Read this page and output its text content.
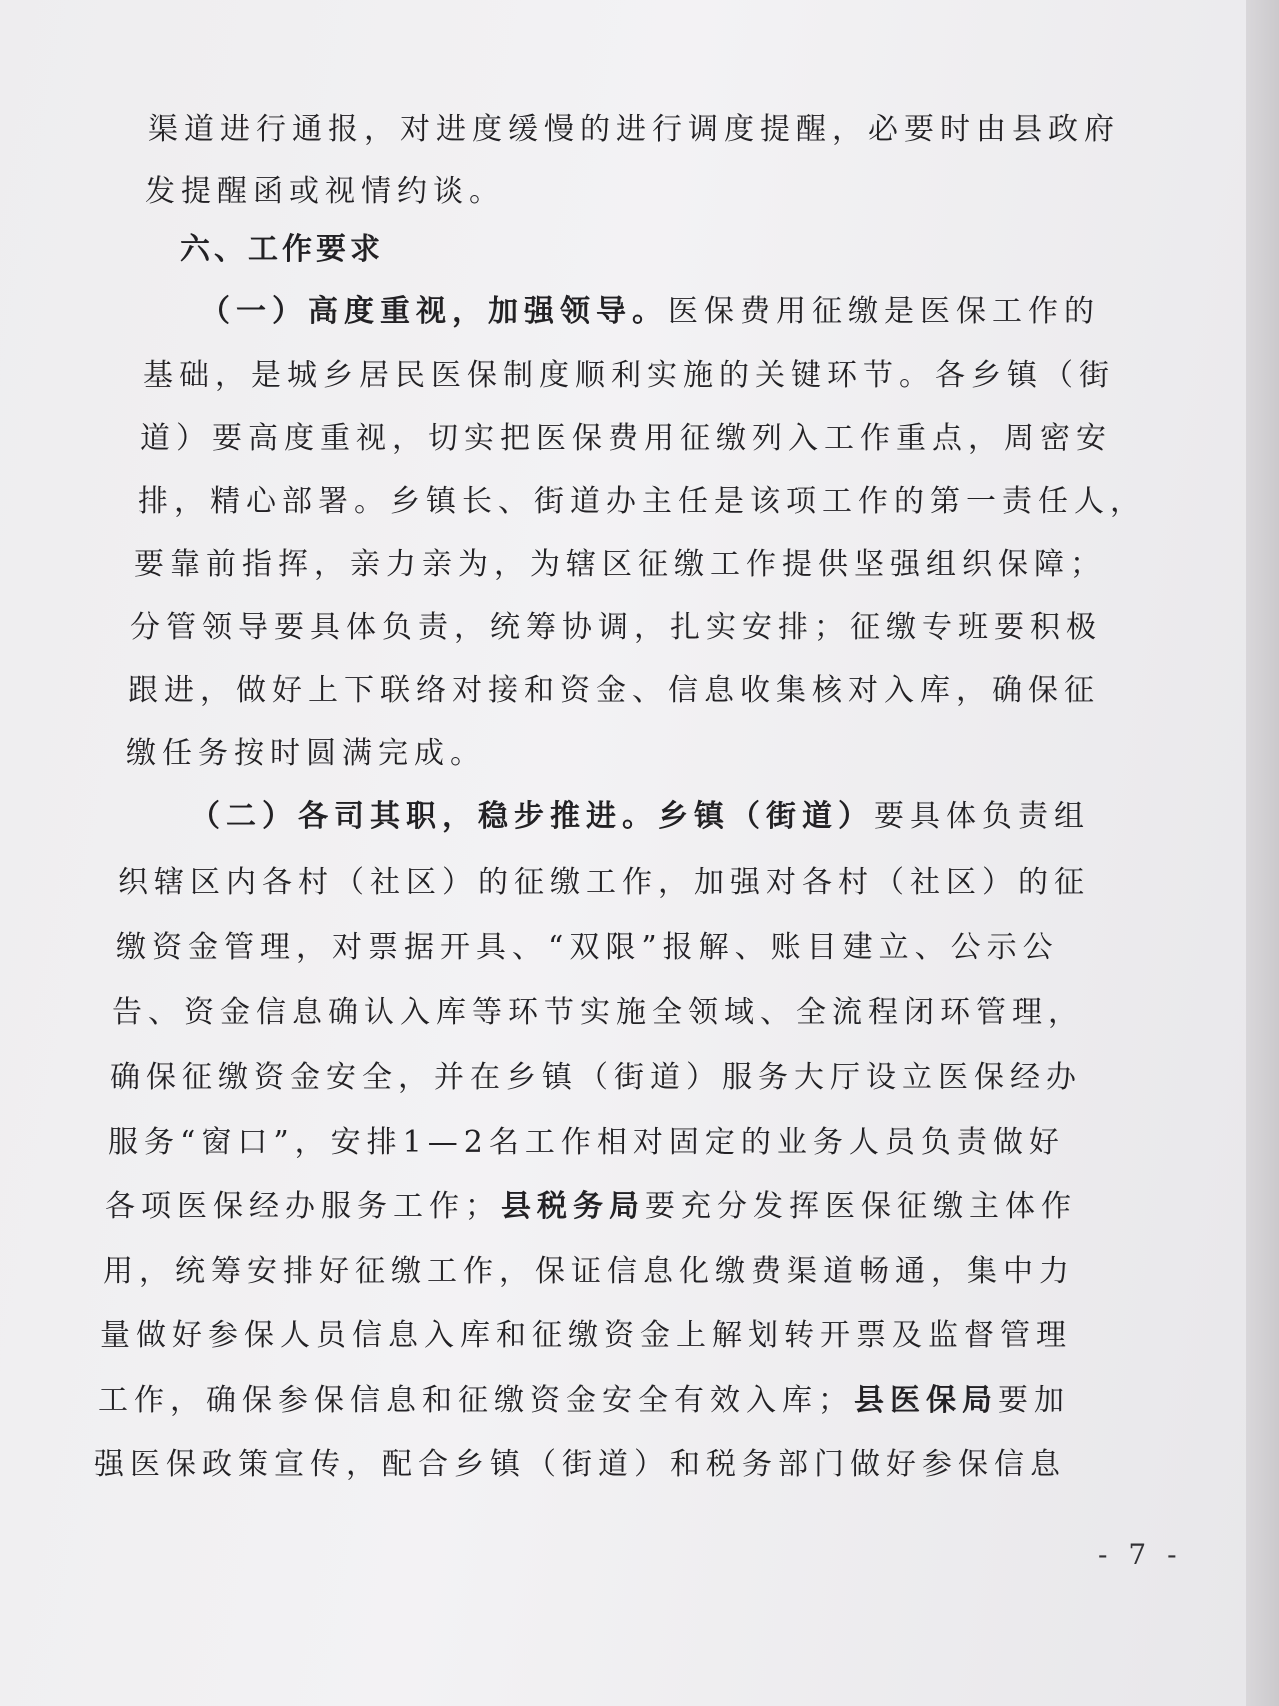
渠道进行通报，对进度缓慢的进行调度提醒，必要时由县政府
发提醒函或视情约谈。
六、工作要求
（一）高度重视，加强领导。医保费用征缴是医保工作的
基础，是城乡居民医保制度顺利实施的关键环节。各乡镇（街
道）要高度重视，切实把医保费用征缴列入工作重点，周密安
排，精心部署。乡镇长、街道办主任是该项工作的第一责任人，
要靠前指挥，亲力亲为，为辖区征缴工作提供坚强组织保障；
分管领导要具体负责，统筹协调，扎实安排；征缴专班要积极
跟进，做好上下联络对接和资金、信息收集核对入库，确保征
缴任务按时圆满完成。
（二）各司其职，稳步推进。乡镇（街道）要具体负责组
织辖区内各村（社区）的征缴工作，加强对各村（社区）的征
缴资金管理，对票据开具、“双限”报解、账目建立、公示公
告、资金信息确认入库等环节实施全领域、全流程闭环管理，
确保征缴资金安全，并在乡镇（街道）服务大厅设立医保经办
服务“窗口”，安排1—2名工作相对固定的业务人员负责做好
各项医保经办服务工作；县税务局要充分发挥医保征缴主体作
用，统筹安排好征缴工作，保证信息化缴费渠道畅通，集中力
量做好参保人员信息入库和征缴资金上解划转开票及监督管理
工作，确保参保信息和征缴资金安全有效入库；县医保局要加
强医保政策宣传，配合乡镇（街道）和税务部门做好参保信息
- 7 -
